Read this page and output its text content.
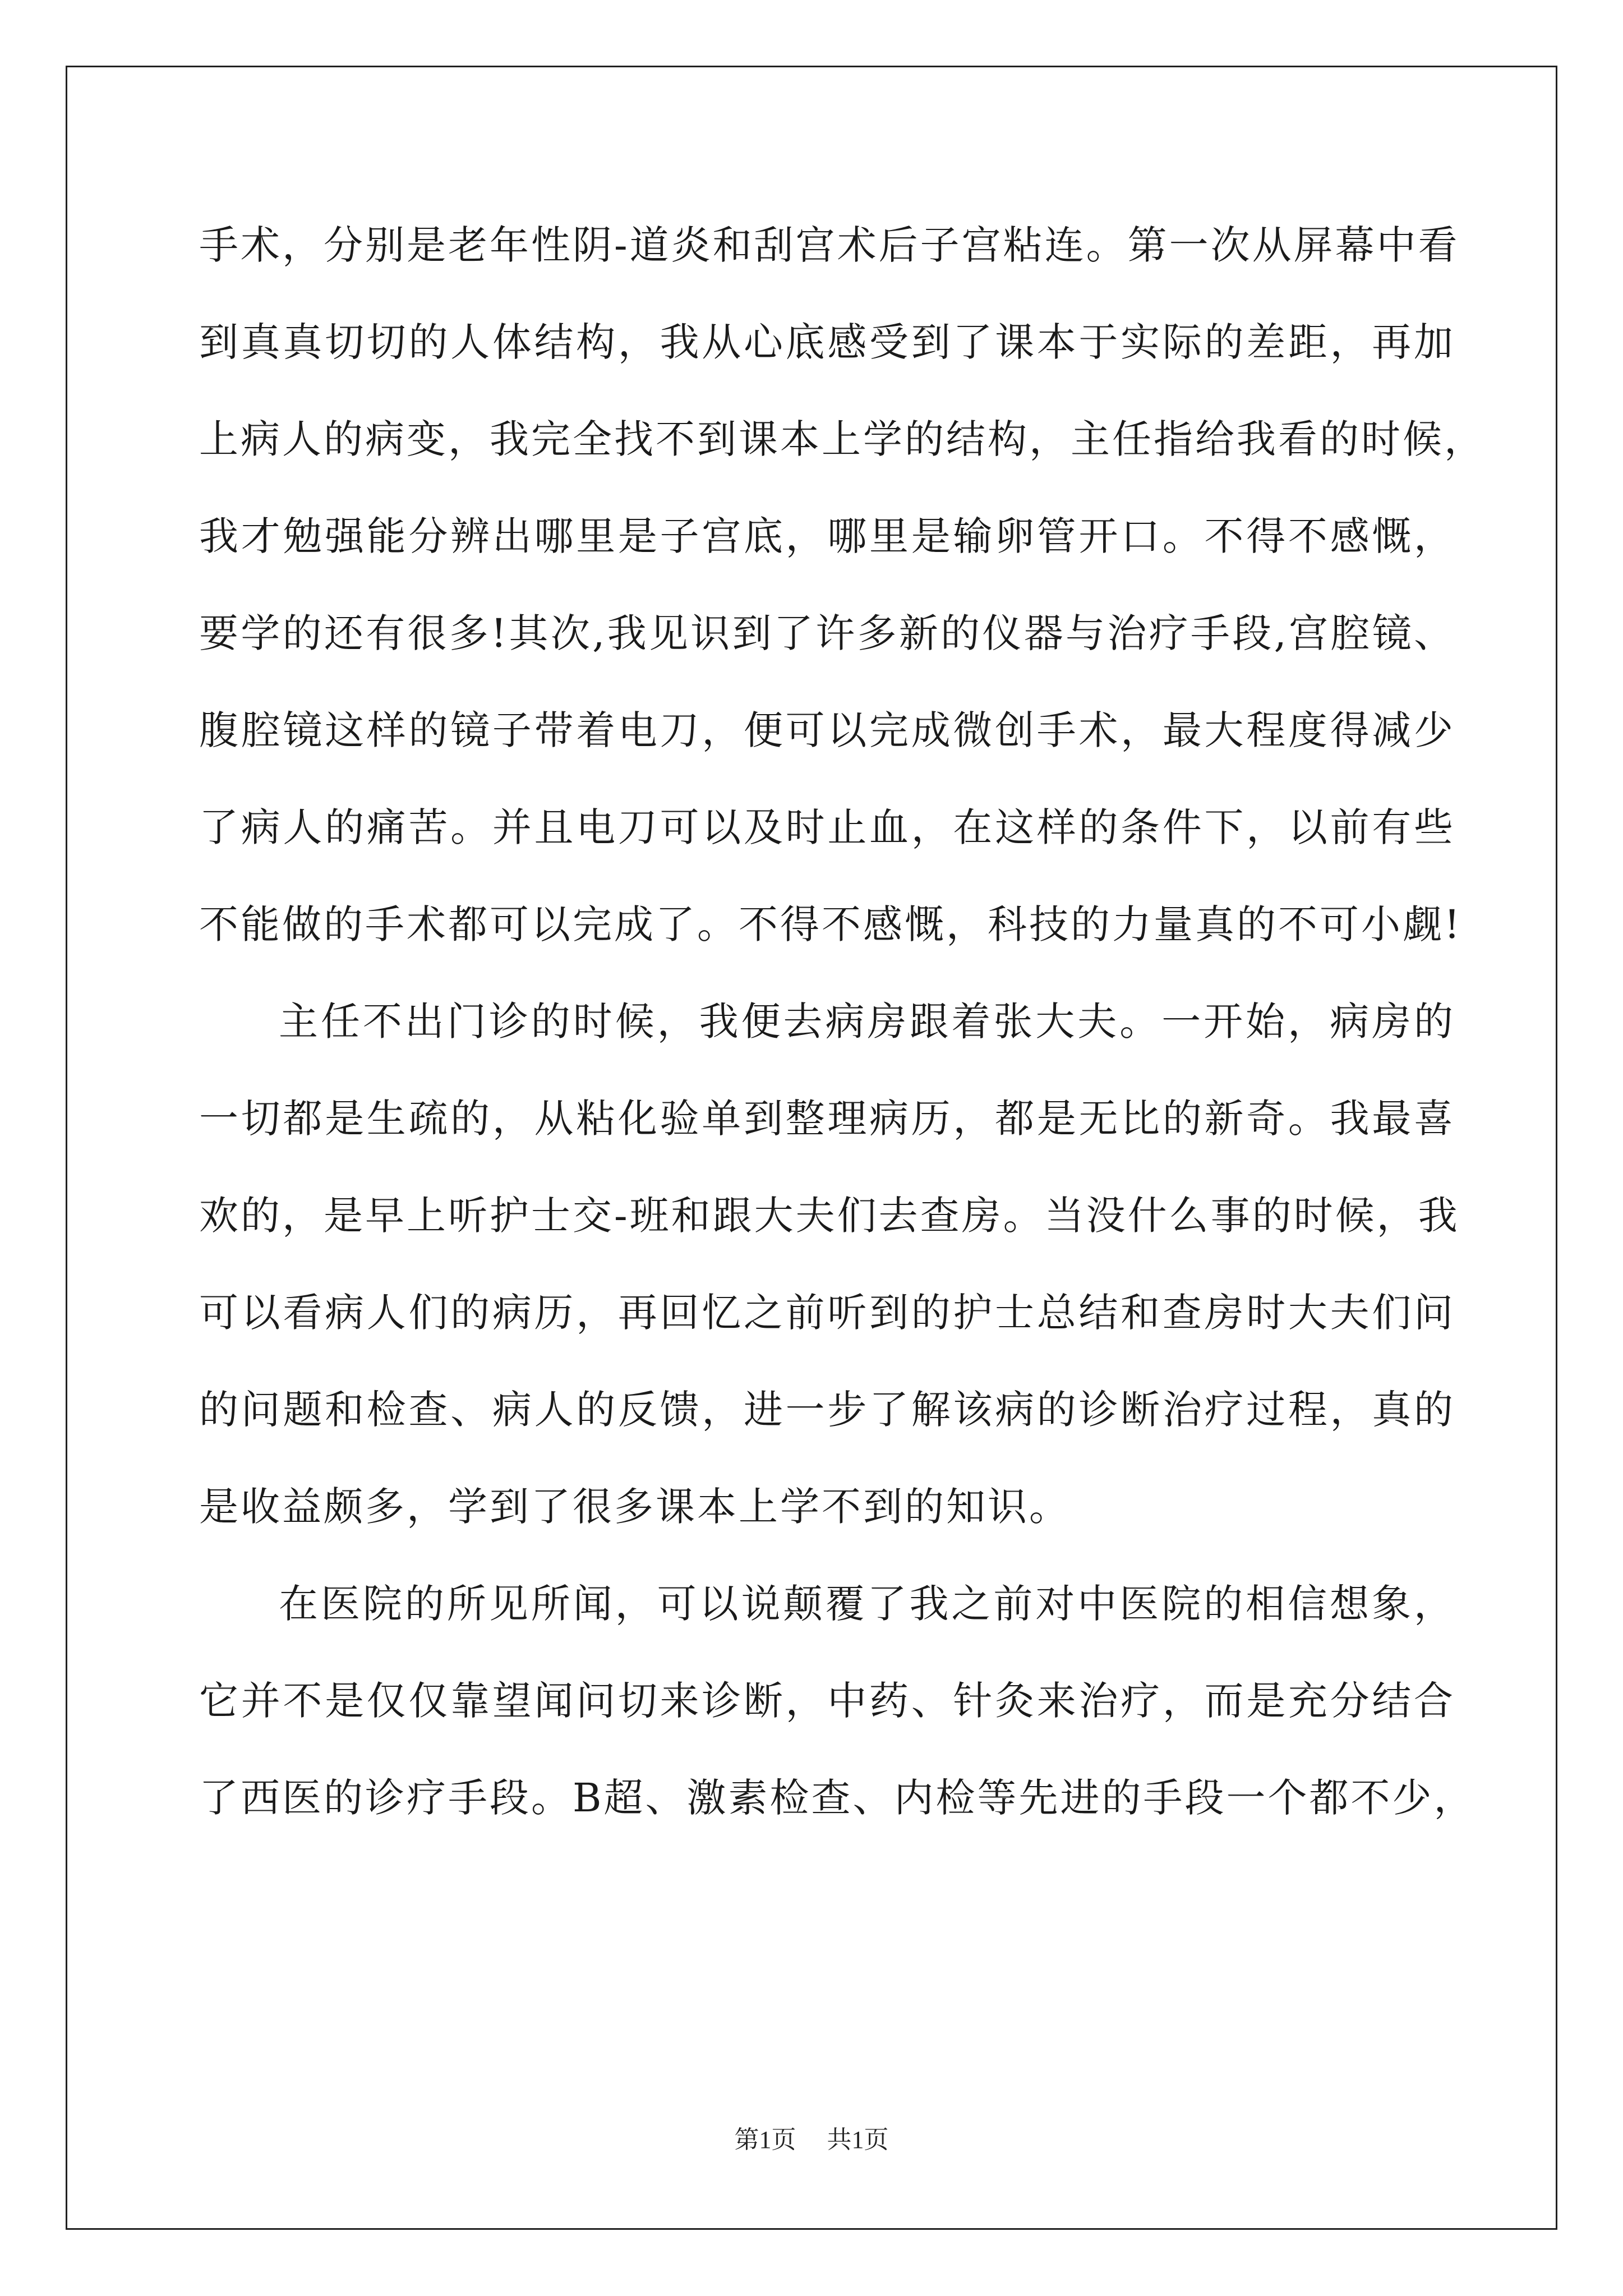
手术，分别是老年性阴-道炎和刮宫术后子宫粘连。第一次从屏幕中看
到真真切切的人体结构，我从心底感受到了课本于实际的差距，再加
上病人的病变，我完全找不到课本上学的结构，主任指给我看的时候，
我才勉强能分辨出哪里是子宫底，哪里是输卵管开口。不得不感慨，
要学的还有很多!其次,我见识到了许多新的仪器与治疗手段,宫腔镜、
腹腔镜这样的镜子带着电刀，便可以完成微创手术，最大程度得减少
了病人的痛苦。并且电刀可以及时止血，在这样的条件下，以前有些
不能做的手术都可以完成了。不得不感慨，科技的力量真的不可小觑!
主任不出门诊的时候，我便去病房跟着张大夫。一开始，病房的
一切都是生疏的，从粘化验单到整理病历，都是无比的新奇。我最喜
欢的，是早上听护士交-班和跟大夫们去查房。当没什么事的时候，我
可以看病人们的病历，再回忆之前听到的护士总结和查房时大夫们问
的问题和检查、病人的反馈，进一步了解该病的诊断治疗过程，真的
是收益颇多，学到了很多课本上学不到的知识。
在医院的所见所闻，可以说颠覆了我之前对中医院的相信想象，
它并不是仅仅靠望闻问切来诊断，中药、针灸来治疗，而是充分结合
了西医的诊疗手段。B超、激素检查、内检等先进的手段一个都不少，
第1页 共1页
